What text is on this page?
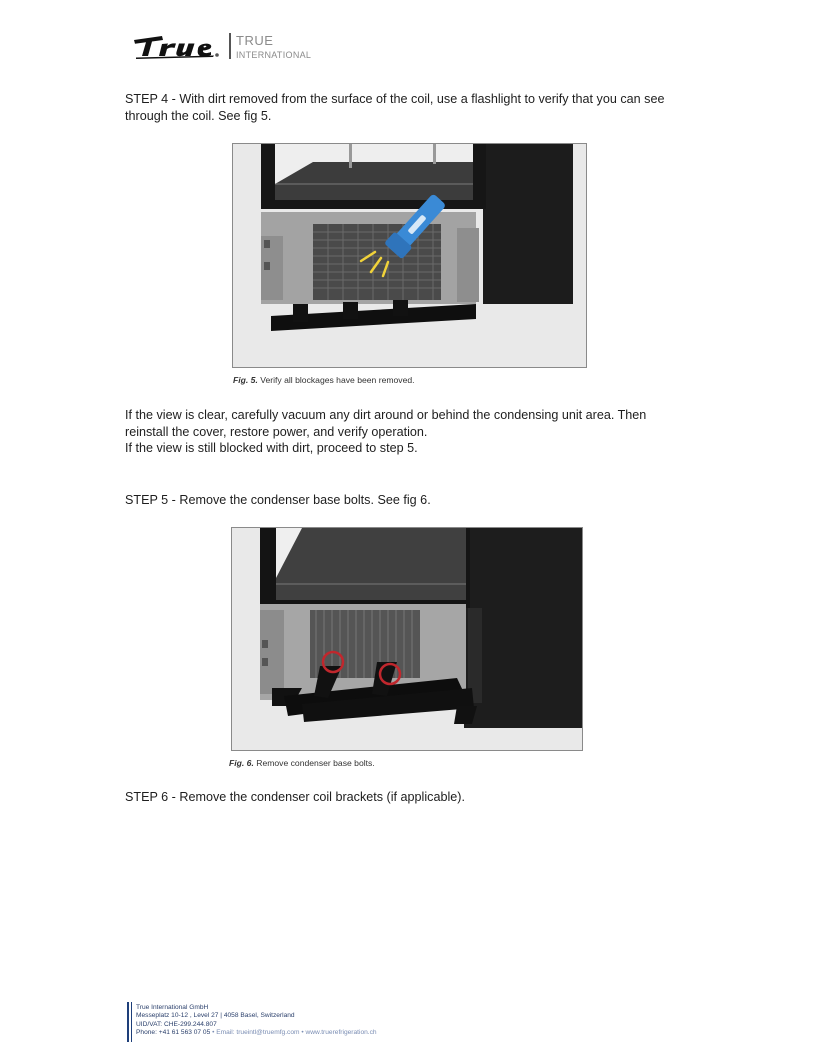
TRUE
INTERNATIONAL
STEP 4 - With dirt removed from the surface of the coil, use a flashlight to verify that you can see
through the coil. See fig 5.
Fig. 5. Verify all blockages have been removed.
If the view is clear, carefully vacuum any dirt around or behind the condensing unit area. Then
reinstall the cover, restore power, and verify operation.
If the view is still blocked with dirt, proceed to step 5.
STEP 5 - Remove the condenser base bolts. See fig 6.
Fig. 6. Remove condenser base bolts.
STEP 6 - Remove the condenser coil brackets (if applicable).
True International GmbH
Messeplatz 10-12 , Level 27 | 4058 Basel, Switzerland
UID/VAT: CHE-299.244.807
Phone: +41 61 563 07 05 • Email: trueintl@truemfg.com • www.truerefrigeration.ch
